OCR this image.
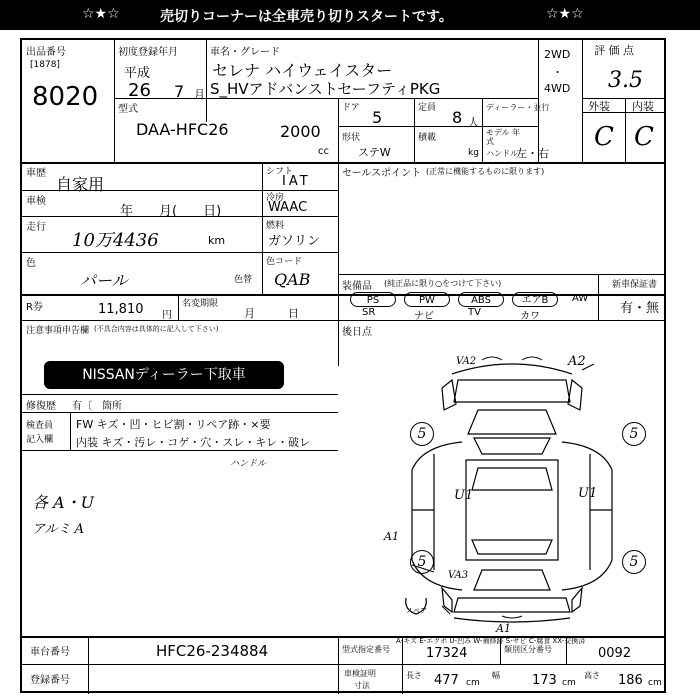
☆★☆	売切りコーナーは全車売り切りスタートです。	☆★☆
出品番号
[1878]
8020
初度登録年月
平成
26 7 月
車名・グレード
セレナ ハイウェイスター
S_HVアドバンストセーフティPKG
2WD
・
4WD
評 価 点
3.5
型式
DAA-HFC26	2000
cc
ドア 5	定員 8 人
ディーラー・並行	外装 内装
C C
形状
ステW
積載
kg
モデル 年式
ハンドル
左・右
車歴
自家用
シフト
IAT
セールスポイント (正常に機能するものに限ります)
車検
年　　月(　　日)
冷房
WAAC
走行
10万4436	km
燃料
ガソリン
色
パール	色替
色コード
QAB	装備品 (純正品に限り○をつけて下さい)	新車保証書
有・無
PS	PW	ABS	エアB	AW
SR	ナビ	TV	カワ
R券	11,810 円
名変期限
月　　　日
注意事項申告欄 (不具合内容は具体的に記入して下さい)	後日点
NISSANディーラー下取車
修復歴 有〔　箇所
検査員
記入欄
FW キズ・凹・ヒビ割・リペア跡・×要
内装 キズ・汚レ・コゲ・穴・スレ・キレ・破レ
ハンドル
各 A・U
アルミ A
VA2	A2
5	5
5	5
U1	U1
A1
VA3
A1
スペア
A-キズ E-エクボ U-凹み W-補修跡 S-サビ C-腐食 XX-交換済
車台番号	HFC26-234884
登録番号
型式指定番号	17324	類別区分番号	0092
車検証明
寸法
長さ 477 cm
幅 173 cm
高さ 186 cm
